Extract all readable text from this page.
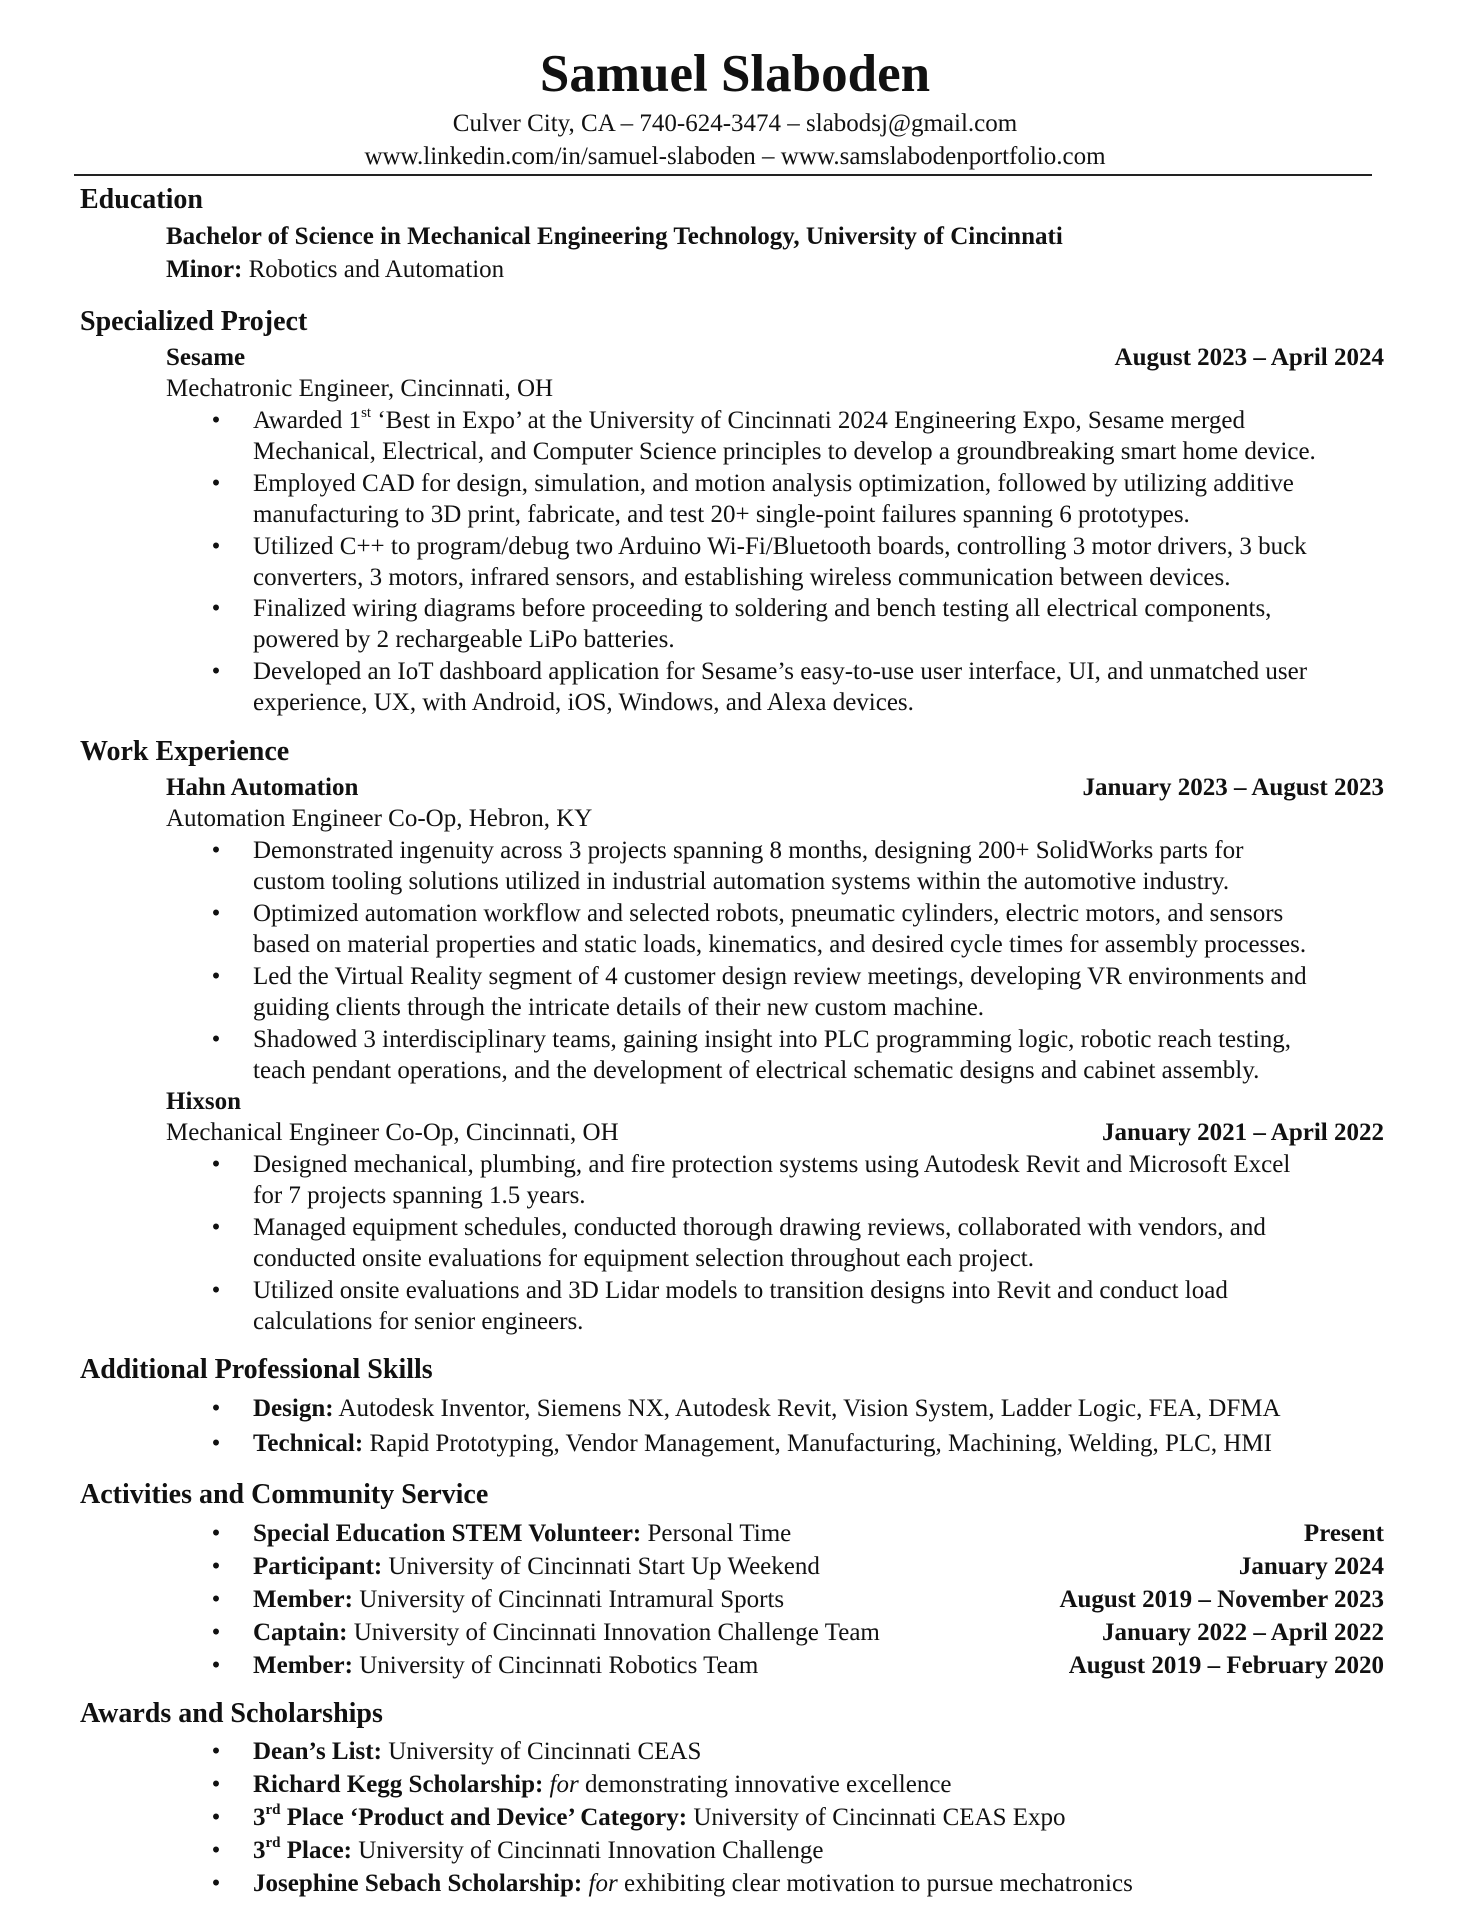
Samuel Slaboden
Culver City, CA – 740-624-3474 – slabodsj@gmail.com
www.linkedin.com/in/samuel-slaboden – www.samslabodenportfolio.com
Education
Bachelor of Science in Mechanical Engineering Technology, University of Cincinnati
Minor: Robotics and Automation
Specialized Project
Sesame	August 2023 – April 2024
Mechatronic Engineer, Cincinnati, OH
• Awarded 1st ‘Best in Expo’ at the University of Cincinnati 2024 Engineering Expo, Sesame merged
Mechanical, Electrical, and Computer Science principles to develop a groundbreaking smart home device.
• Employed CAD for design, simulation, and motion analysis optimization, followed by utilizing additive
manufacturing to 3D print, fabricate, and test 20+ single-point failures spanning 6 prototypes.
• Utilized C++ to program/debug two Arduino Wi-Fi/Bluetooth boards, controlling 3 motor drivers, 3 buck
converters, 3 motors, infrared sensors, and establishing wireless communication between devices.
• Finalized wiring diagrams before proceeding to soldering and bench testing all electrical components,
powered by 2 rechargeable LiPo batteries.
• Developed an IoT dashboard application for Sesame’s easy-to-use user interface, UI, and unmatched user
experience, UX, with Android, iOS, Windows, and Alexa devices.
Work Experience
Hahn Automation	January 2023 – August 2023
Automation Engineer Co-Op, Hebron, KY
• Demonstrated ingenuity across 3 projects spanning 8 months, designing 200+ SolidWorks parts for
custom tooling solutions utilized in industrial automation systems within the automotive industry.
• Optimized automation workflow and selected robots, pneumatic cylinders, electric motors, and sensors
based on material properties and static loads, kinematics, and desired cycle times for assembly processes.
• Led the Virtual Reality segment of 4 customer design review meetings, developing VR environments and
guiding clients through the intricate details of their new custom machine.
• Shadowed 3 interdisciplinary teams, gaining insight into PLC programming logic, robotic reach testing,
teach pendant operations, and the development of electrical schematic designs and cabinet assembly.
Hixson
Mechanical Engineer Co-Op, Cincinnati, OH	January 2021 – April 2022
• Designed mechanical, plumbing, and fire protection systems using Autodesk Revit and Microsoft Excel
for 7 projects spanning 1.5 years.
• Managed equipment schedules, conducted thorough drawing reviews, collaborated with vendors, and
conducted onsite evaluations for equipment selection throughout each project.
• Utilized onsite evaluations and 3D Lidar models to transition designs into Revit and conduct load
calculations for senior engineers.
Additional Professional Skills
• Design: Autodesk Inventor, Siemens NX, Autodesk Revit, Vision System, Ladder Logic, FEA, DFMA
• Technical: Rapid Prototyping, Vendor Management, Manufacturing, Machining, Welding, PLC, HMI
Activities and Community Service
• Special Education STEM Volunteer: Personal Time	Present
• Participant: University of Cincinnati Start Up Weekend	January 2024
• Member: University of Cincinnati Intramural Sports	August 2019 – November 2023
• Captain: University of Cincinnati Innovation Challenge Team	January 2022 – April 2022
• Member: University of Cincinnati Robotics Team	August 2019 – February 2020
Awards and Scholarships
• Dean’s List: University of Cincinnati CEAS
• Richard Kegg Scholarship: for demonstrating innovative excellence
• 3rd Place ‘Product and Device’ Category: University of Cincinnati CEAS Expo
• 3rd Place: University of Cincinnati Innovation Challenge
• Josephine Sebach Scholarship: for exhibiting clear motivation to pursue mechatronics
